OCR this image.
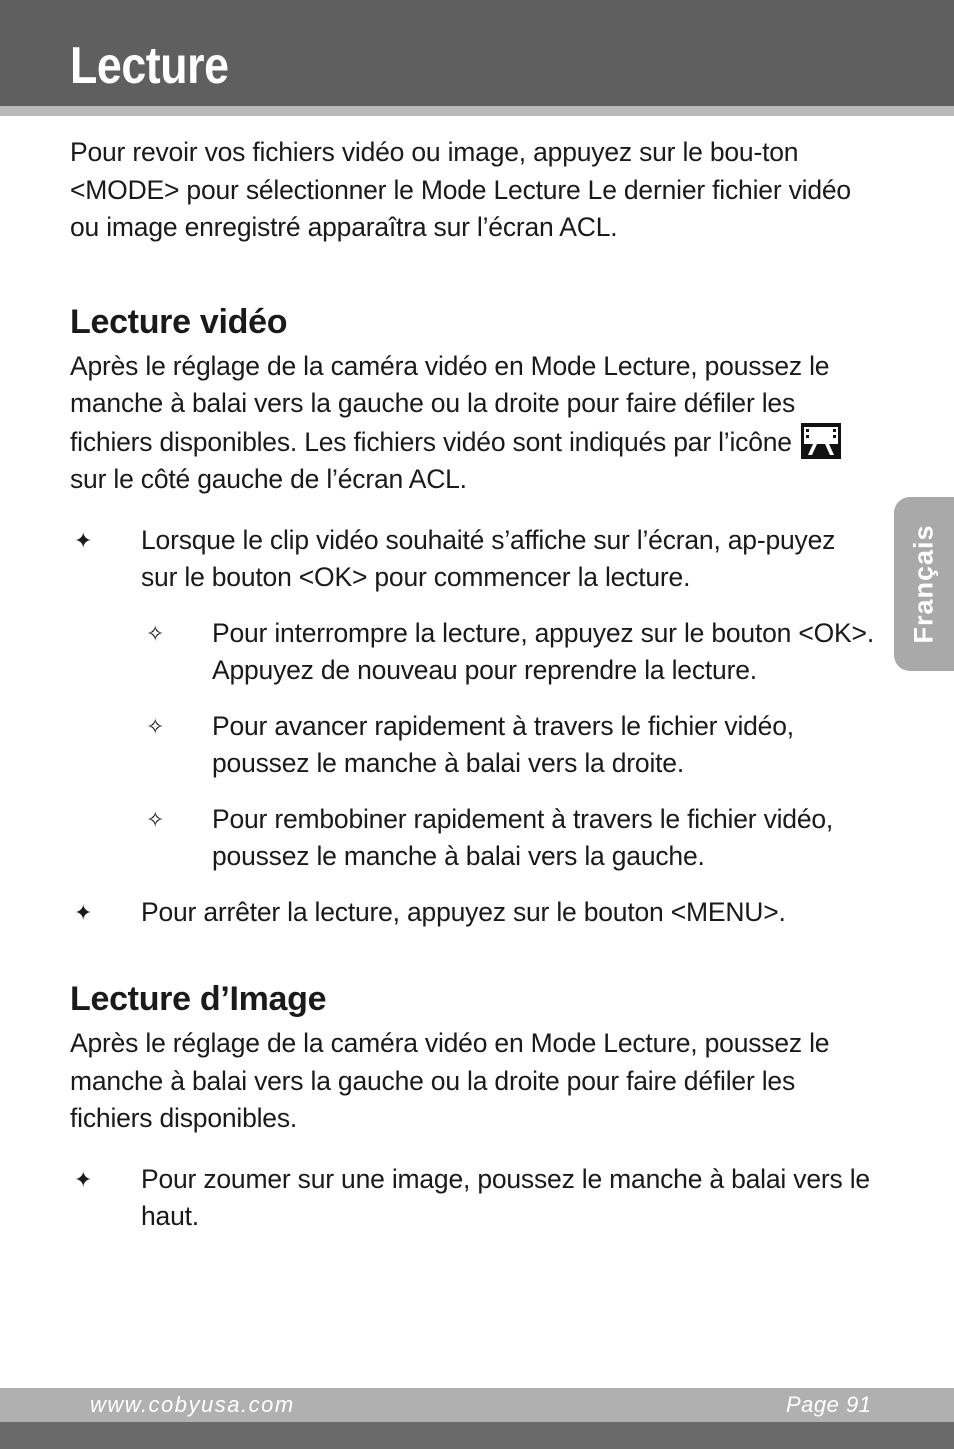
Lecture
Français

Pour revoir vos fichiers vidéo ou image, appuyez sur le bou-ton <MODE> pour sélectionner le Mode Lecture Le dernier fichier vidéo ou image enregistré apparaîtra sur l’écran ACL.

Lecture vidéo

Après le réglage de la caméra vidéo en Mode Lecture, poussez le manche à balai vers la gauche ou la droite pour faire défiler les fichiers disponibles. Les fichiers vidéo sont indiqués par l’icône  sur le côté gauche de l’écran ACL.

✦ Lorsque le clip vidéo souhaité s’affiche sur l’écran, ap-puyez sur le bouton <OK> pour commencer la lecture.

✧ Pour interrompre la lecture, appuyez sur le bouton <OK>. Appuyez de nouveau pour reprendre la lecture.

✧ Pour avancer rapidement à travers le fichier vidéo, poussez le manche à balai vers la droite.

✧ Pour rembobiner rapidement à travers le fichier vidéo, poussez le manche à balai vers la gauche.

✦ Pour arrêter la lecture, appuyez sur le bouton <MENU>.

Lecture d’Image

Après le réglage de la caméra vidéo en Mode Lecture, poussez le manche à balai vers la gauche ou la droite pour faire défiler les fichiers disponibles.

✦ Pour zoumer sur une image, poussez le manche à balai vers le haut.

www.cobyusa.com	Page 91
